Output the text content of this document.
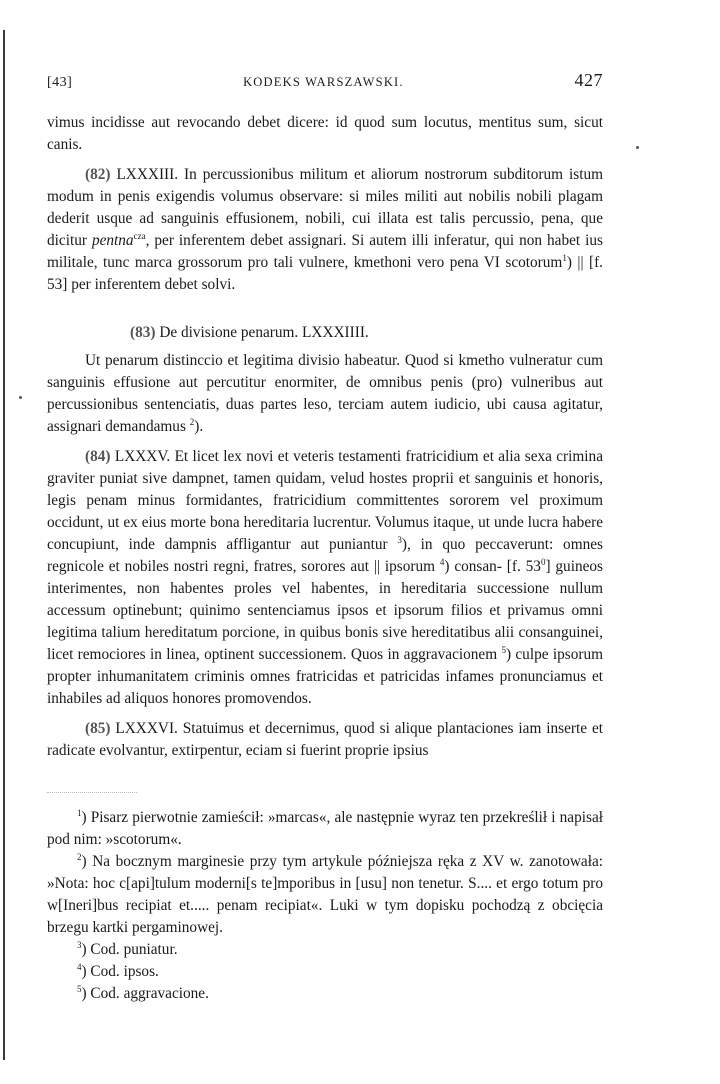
[43]	KODEKS WARSZAWSKI.	427

vimus incidisse aut revocando debet dicere: id quod sum locutus, mentitus sum, sicut canis.

(82) LXXXIII. In percussionibus militum et aliorum nostrorum subditorum istum modum in penis exigendis volumus observare: si miles militi aut nobilis nobili plagam dederit usque ad sanguinis effusionem, nobili, cui illata est talis percussio, pena, que dicitur pentna$^{cza}$, per inferentem debet assignari. Si autem illi inferatur, qui non habet ius militale, tunc marca grossorum pro tali vulnere, kmethoni vero pena VI scotorum$^1$) || [f. 53] per inferentem debet solvi.

(83) De divisione penarum. LXXXIIII.

Ut penarum distinccio et legitima divisio habeatur. Quod si kmetho vulneratur cum sanguinis effusione aut percutitur enormiter, de omnibus penis (pro) vulneribus aut percussionibus sentenciatis, duas partes leso, terciam autem iudicio, ubi causa agitatur, assignari demandamus $^2$).

(84) LXXXV. Et licet lex novi et veteris testamenti fratricidium et alia sexa crimina graviter puniat sive dampnet, tamen quidam, velud hostes proprii et sanguinis et honoris, legis penam minus formidantes, fratricidium committentes sororem vel proximum occidunt, ut ex eius morte bona hereditaria lucrentur. Volumus itaque, ut unde lucra habere concupiunt, inde dampnis affligantur aut puniantur $^3$), in quo peccaverunt: omnes regnicole et nobiles nostri regni, fratres, sorores aut || ipsorum $^4$) consan- [f. $53^0$] guineos interimentes, non habentes proles vel habentes, in hereditaria successione nullum accessum optinebunt; quinimo sentenciamus ipsos et ipsorum filios et privamus omni legitima talium hereditatum porcione, in quibus bonis sive hereditatibus alii consanguinei, licet remociores in linea, optinent successionem. Quos in aggravacionem $^5$) culpe ipsorum propter inhumanitatem criminis omnes fratricidas et patricidas infames pronunciamus et inhabiles ad aliquos honores promovendos.

(85) LXXXVI. Statuimus et decernimus, quod si alique plantaciones iam inserte et radicate evolvantur, extirpentur, eciam si fuerint proprie ipsius

$^1$) Pisarz pierwotnie zamieścił: »marcas«, ale następnie wyraz ten przekreślił i napisał pod nim: »scotorum«.

$^2$) Na bocznym marginesie przy tym artykule późniejsza ręka z XV w. zanotowała: »Nota: hoc c[api]tulum moderni[s te]mporibus in [usu] non tenetur. S.... et ergo totum pro w[Ineri]bus recipiat et..... penam recipiat«. Luki w tym dopisku pochodzą z obcięcia brzegu kartki pergaminowej.

$^3$) Cod. puniatur.

$^4$) Cod. ipsos.

$^5$) Cod. aggravacione.
